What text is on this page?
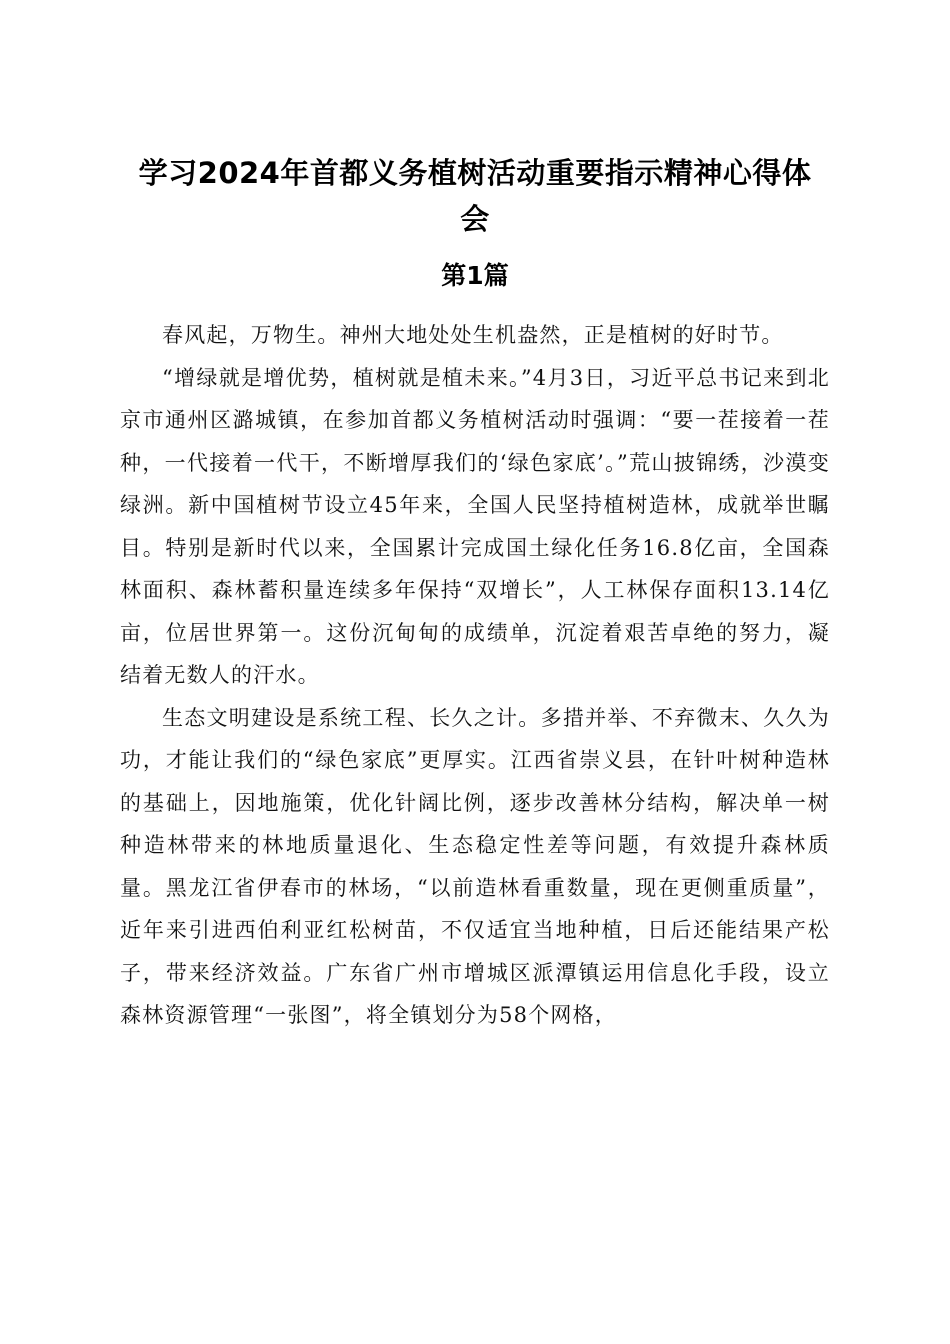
学习2024年首都义务植树活动重要指示精神心得体会
第1篇

春风起，万物生。神州大地处处生机盎然，正是植树的好时节。

“增绿就是增优势，植树就是植未来。”4月3日，习近平总书记来到北京市通州区潞城镇，在参加首都义务植树活动时强调：“要一茬接着一茬种，一代接着一代干，不断增厚我们的‘绿色家底’。”荒山披锦绣，沙漠变绿洲。新中国植树节设立45年来，全国人民坚持植树造林，成就举世瞩目。特别是新时代以来，全国累计完成国土绿化任务16.8亿亩，全国森林面积、森林蓄积量连续多年保持“双增长”，人工林保存面积13.14亿亩，位居世界第一。这份沉甸甸的成绩单，沉淀着艰苦卓绝的努力，凝结着无数人的汗水。

生态文明建设是系统工程、长久之计。多措并举、不弃微末、久久为功，才能让我们的“绿色家底”更厚实。江西省崇义县，在针叶树种造林的基础上，因地施策，优化针阔比例，逐步改善林分结构，解决单一树种造林带来的林地质量退化、生态稳定性差等问题，有效提升森林质量。黑龙江省伊春市的林场，“以前造林看重数量，现在更侧重质量”，近年来引进西伯利亚红松树苗，不仅适宜当地种植，日后还能结果产松子，带来经济效益。广东省广州市增城区派潭镇运用信息化手段，设立森林资源管理“一张图”，将全镇划分为58个网格，
